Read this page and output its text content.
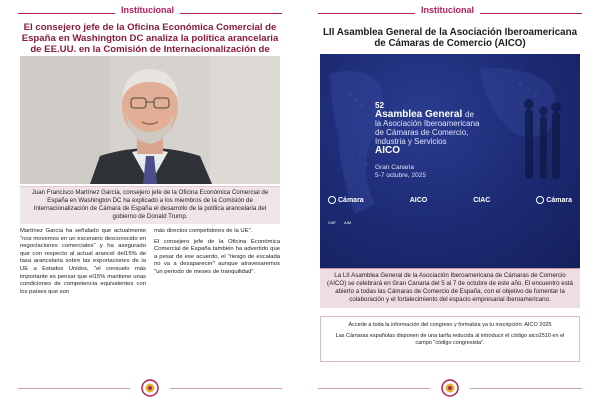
Institucional
El consejero jefe de la Oficina Económica Comercial de España en Washington DC analiza la política arancelaria de EE.UU. en la Comisión de Internacionalización de
Juan Francisco Martínez García, consejero jefe de la Oficina Económica Comercial de España en Washington DC ha explicado a los miembros de la Comisión de Internacionalización de Cámara de España el desarrollo de la política arancelaria del gobierno de Donald Trump.

Martínez García ha señalado que actualmente "nos movemos en un escenario desconocido en negociaciones comerciales" y ha asegurado que con respecto al actual arancel del15% de tasa arancelaria sobre las exportaciones de la UE a Estados Unidos, "el consuelo más importante es pensar que el15% mantiene unas condiciones de competencia equivalentes con los países que son

más directos competidores de la UE".

El consejero jefe de la Oficina Económica Comercial de España también ha advertido que a pesar de ese acuerdo, el "riesgo de escalada no va a desaparecer" aunque atravesaremos "un periodo de meses de tranquilidad".

Institucional
LII Asamblea General de la Asociación Iberoamericana de Cámaras de Comercio (AICO)
52
Asamblea General de
la Asociación Iberoamericana
de Cámaras de Comercio,
Industria y Servicios
AICO
Gran Canaria
5-7 octubre, 2025
Cámara	AICO	CIAC	Cámara
CAF AIM
La LII Asamblea General de la Asociación Iberoamericana de Cámaras de Comercio (AICO) se celebrará en Gran Canaria del 5 al 7 de octubre de este año. El encuentro está abierto a todas las Cámaras de Comercio de España, con el objetivo de fomentar la colaboración y el fortalecimiento del espacio empresarial iberoamericano.

Accede a toda la información del congreso y formaliza ya tu inscripción: AICO 2025

Las Cámaras españolas disponen de una tarifa reducida al introducir el código aico2510 en el campo "código congresista".
